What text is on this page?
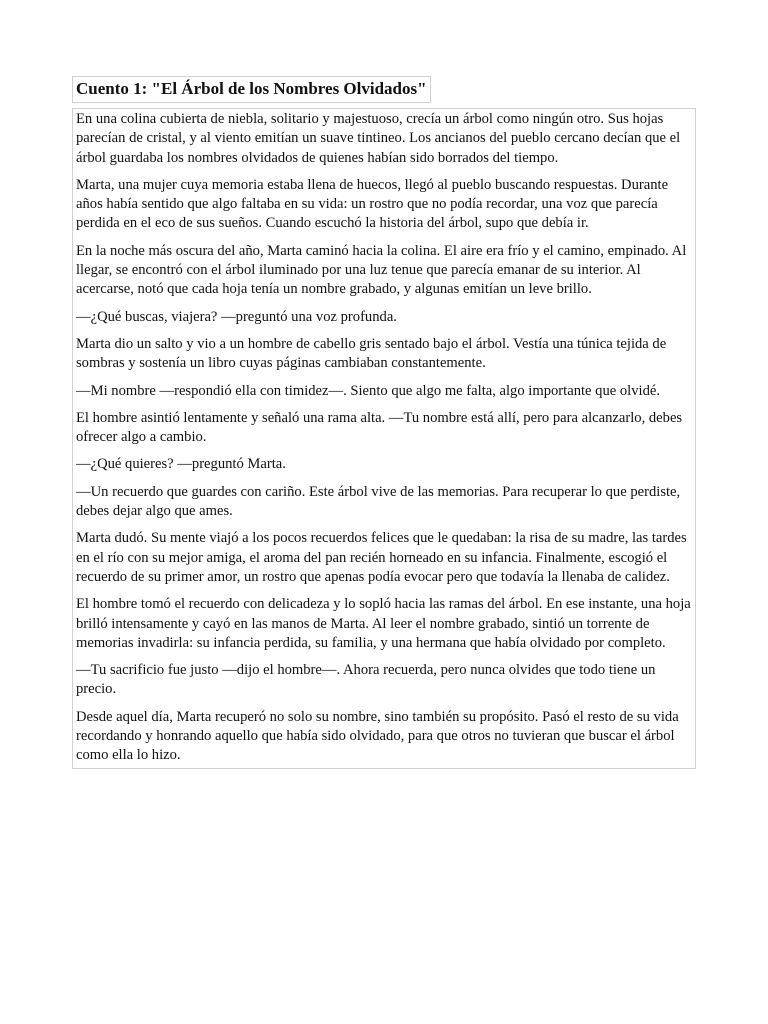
Cuento 1: "El Árbol de los Nombres Olvidados"

En una colina cubierta de niebla, solitario y majestuoso, crecía un árbol como ningún otro. Sus hojas parecían de cristal, y al viento emitían un suave tintineo. Los ancianos del pueblo cercano decían que el árbol guardaba los nombres olvidados de quienes habían sido borrados del tiempo.

Marta, una mujer cuya memoria estaba llena de huecos, llegó al pueblo buscando respuestas. Durante años había sentido que algo faltaba en su vida: un rostro que no podía recordar, una voz que parecía perdida en el eco de sus sueños. Cuando escuchó la historia del árbol, supo que debía ir.

En la noche más oscura del año, Marta caminó hacia la colina. El aire era frío y el camino, empinado. Al llegar, se encontró con el árbol iluminado por una luz tenue que parecía emanar de su interior. Al acercarse, notó que cada hoja tenía un nombre grabado, y algunas emitían un leve brillo.

—¿Qué buscas, viajera? —preguntó una voz profunda.

Marta dio un salto y vio a un hombre de cabello gris sentado bajo el árbol. Vestía una túnica tejida de sombras y sostenía un libro cuyas páginas cambiaban constantemente.

—Mi nombre —respondió ella con timidez—. Siento que algo me falta, algo importante que olvidé.

El hombre asintió lentamente y señaló una rama alta. —Tu nombre está allí, pero para alcanzarlo, debes ofrecer algo a cambio.

—¿Qué quieres? —preguntó Marta.

—Un recuerdo que guardes con cariño. Este árbol vive de las memorias. Para recuperar lo que perdiste, debes dejar algo que ames.

Marta dudó. Su mente viajó a los pocos recuerdos felices que le quedaban: la risa de su madre, las tardes en el río con su mejor amiga, el aroma del pan recién horneado en su infancia. Finalmente, escogió el recuerdo de su primer amor, un rostro que apenas podía evocar pero que todavía la llenaba de calidez.

El hombre tomó el recuerdo con delicadeza y lo sopló hacia las ramas del árbol. En ese instante, una hoja brilló intensamente y cayó en las manos de Marta. Al leer el nombre grabado, sintió un torrente de memorias invadirla: su infancia perdida, su familia, y una hermana que había olvidado por completo.

—Tu sacrificio fue justo —dijo el hombre—. Ahora recuerda, pero nunca olvides que todo tiene un precio.

Desde aquel día, Marta recuperó no solo su nombre, sino también su propósito. Pasó el resto de su vida recordando y honrando aquello que había sido olvidado, para que otros no tuvieran que buscar el árbol como ella lo hizo.
